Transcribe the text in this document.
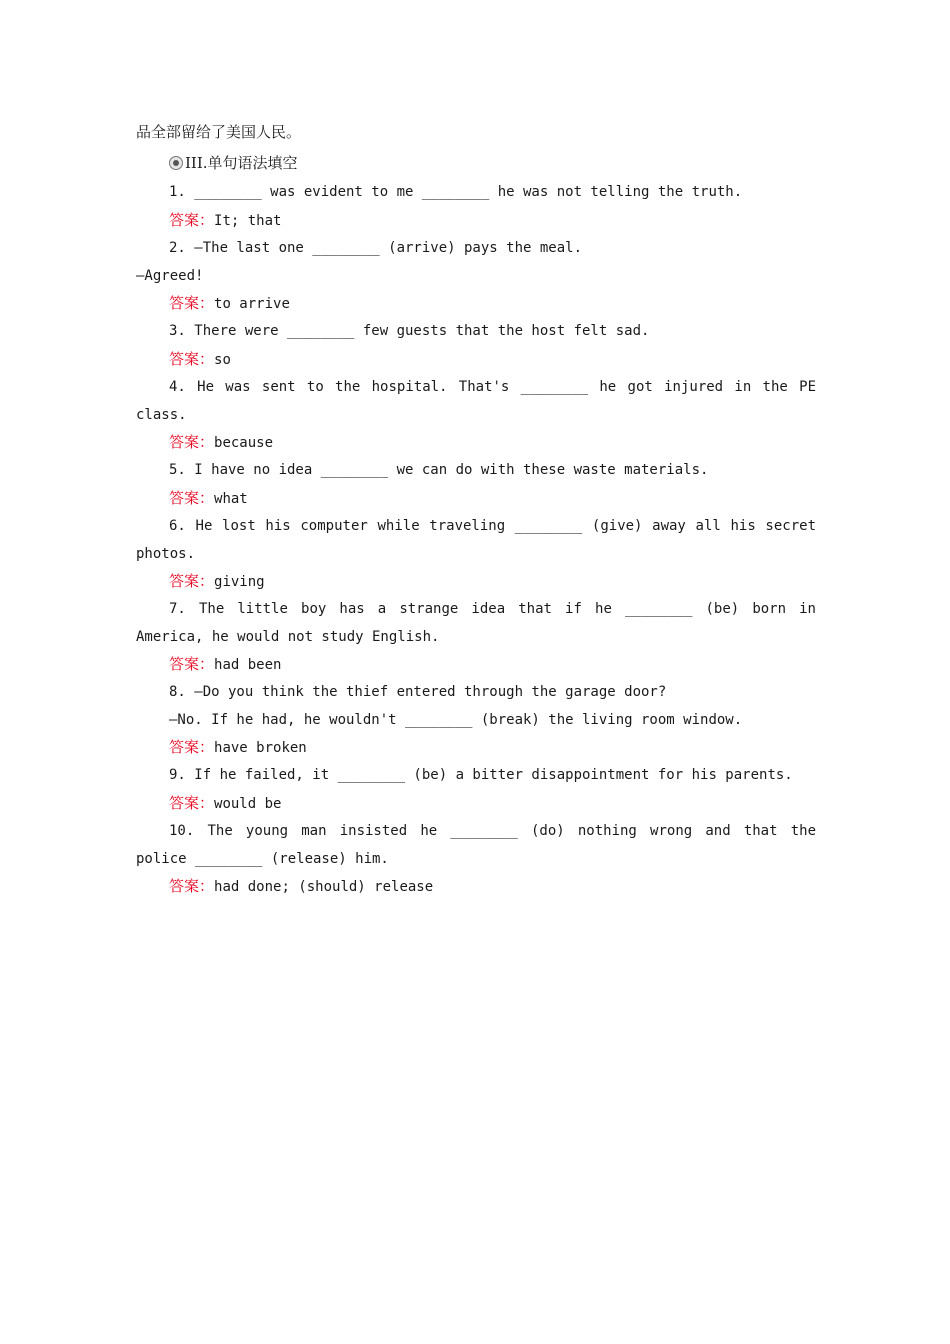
品全部留给了美国人民。
III.单句语法填空
1. ________ was evident to me ________ he was not telling the truth.
答案：It; that
2. —The last one ________ (arrive) pays the meal.
—Agreed!
答案：to arrive
3. There were ________ few guests that the host felt sad.
答案：so
4. He was sent to the hospital. That's ________ he got injured in the PE
class.
答案：because
5. I have no idea ________ we can do with these waste materials.
答案：what
6. He lost his computer while traveling ________ (give) away all his secret
photos.
答案：giving
7. The little boy has a strange idea that if he ________ (be) born in
America, he would not study English.
答案：had been
8. —Do you think the thief entered through the garage door?
—No. If he had, he wouldn't ________ (break) the living room window.
答案：have broken
9. If he failed, it ________ (be) a bitter disappointment for his parents.
答案：would be
10. The young man insisted he ________ (do) nothing wrong and that the
police ________ (release) him.
答案：had done; (should) release
